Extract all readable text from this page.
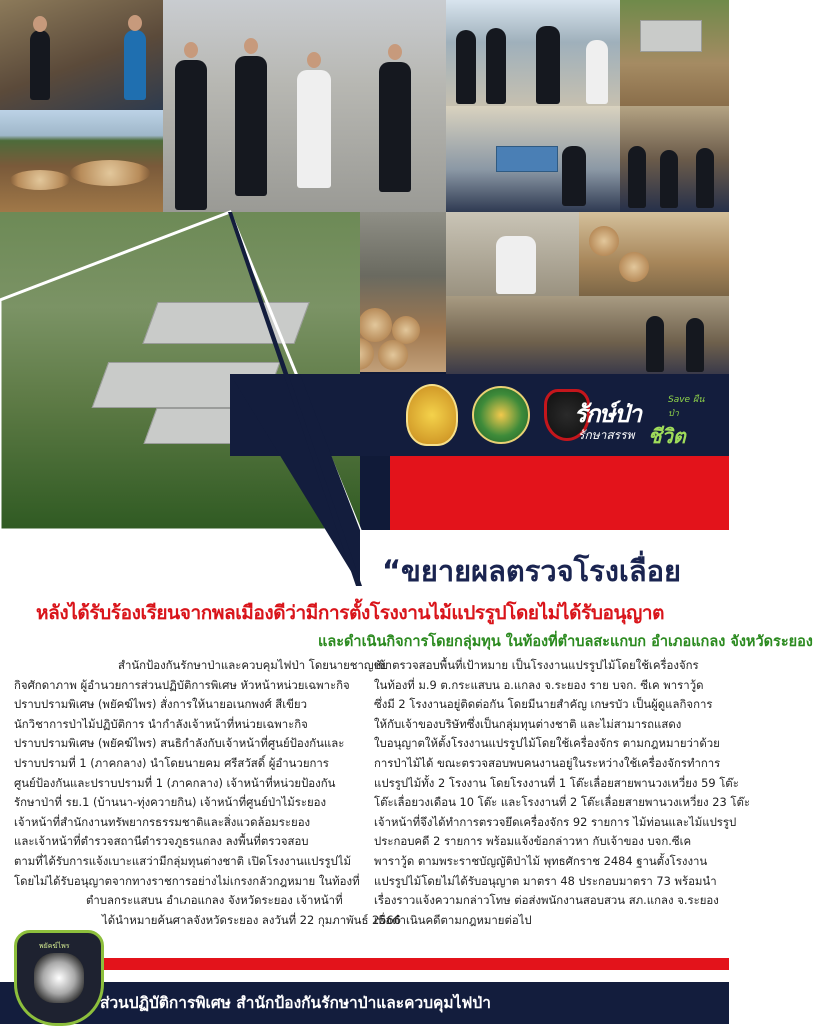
รักษ์ป่า	Save ผืนป่า
รักษาสรรพ ชีวิต
“ขยายผลตรวจโรงเลื่อย
หลังได้รับร้องเรียนจากพลเมืองดีว่ามีการตั้งโรงงานไม้แปรรูปโดยไม่ได้รับอนุญาต
และดำเนินกิจการโดยกลุ่มทุน ในท้องที่ตำบลสะแกบก อำเภอแกลง จังหวัดระยอง

สำนักป้องกันรักษาป่าและควบคุมไฟป่า โดยนายชาญชัย

กิจศักดาภาพ ผู้อำนวยการส่วนปฏิบัติการพิเศษ หัวหน้าหน่วยเฉพาะกิจ

ปราบปรามพิเศษ (พยัคฆ์ไพร) สั่งการให้นายอเนกพงศ์ สีเขียว

นักวิชาการป่าไม้ปฏิบัติการ นำกำลังเจ้าหน้าที่หน่วยเฉพาะกิจ

ปราบปรามพิเศษ (พยัคฆ์ไพร) สนธิกำลังกับเจ้าหน้าที่ศูนย์ป้องกันและ

ปราบปรามที่ 1 (ภาคกลาง) นำโดยนายคม ศรีสวัสดิ์ ผู้อำนวยการ

ศูนย์ป้องกันและปราบปรามที่ 1 (ภาคกลาง) เจ้าหน้าที่หน่วยป้องกัน

รักษาป่าที่ รย.1 (บ้านนา-ทุ่งควายกิน) เจ้าหน้าที่ศูนย์ป่าไม้ระยอง

เจ้าหน้าที่สำนักงานทรัพยากรธรรมชาติและสิ่งแวดล้อมระยอง

และเจ้าหน้าที่ตำรวจสถานีตำรวจภูธรแกลง ลงพื้นที่ตรวจสอบ

ตามที่ได้รับการแจ้งเบาะแสว่ามีกลุ่มทุนต่างชาติ เปิดโรงงานแปรรูปไม้

โดยไม่ได้รับอนุญาตจากทางราชการอย่างไม่เกรงกลัวกฎหมาย ในท้องที่

ตำบลกระแสบน อำเภอแกลง จังหวัดระยอง เจ้าหน้าที่

ได้นำหมายค้นศาลจังหวัดระยอง ลงวันที่ 22 กุมภาพันธ์ 2566

เข้าตรวจสอบพื้นที่เป้าหมาย เป็นโรงงานแปรรูปไม้โดยใช้เครื่องจักร

ในท้องที่ ม.9 ต.กระแสบน อ.แกลง จ.ระยอง ราย บจก. ซีเค พาราวู้ด

ซึ่งมี 2 โรงงานอยู่ติดต่อกัน โดยมีนายสำคัญ เกษรบัว เป็นผู้ดูแลกิจการ

ให้กับเจ้าของบริษัทซึ่งเป็นกลุ่มทุนต่างชาติ และไม่สามารถแสดง

ใบอนุญาตให้ตั้งโรงงานแปรรูปไม้โดยใช้เครื่องจักร ตามกฎหมายว่าด้วย

การป่าไม้ได้ ขณะตรวจสอบพบคนงานอยู่ในระหว่างใช้เครื่องจักรทำการ

แปรรูปไม้ทั้ง 2 โรงงาน โดยโรงงานที่ 1 โต๊ะเลื่อยสายพานวงเหวี่ยง 59 โต๊ะ

โต๊ะเลื่อยวงเดือน 10 โต๊ะ และโรงงานที่ 2 โต๊ะเลื่อยสายพานวงเหวี่ยง 23 โต๊ะ

เจ้าหน้าที่จึงได้ทำการตรวจยึดเครื่องจักร 92 รายการ ไม้ท่อนและไม้แปรรูป

ประกอบคดี 2 รายการ พร้อมแจ้งข้อกล่าวหา กับเจ้าของ บจก.ซีเค

พาราวู้ด ตามพระราชบัญญัติป่าไม้ พุทธศักราช 2484 ฐานตั้งโรงงาน

แปรรูปไม้โดยไม่ได้รับอนุญาต มาตรา 48 ประกอบมาตรา 73 พร้อมนำ

เรื่องราวแจ้งความกล่าวโทษ ต่อส่งพนักงานสอบสวน สภ.แกลง จ.ระยอง

เพื่อดำเนินคดีตามกฎหมายต่อไป

ส่วนปฏิบัติการพิเศษ สำนักป้องกันรักษาป่าและควบคุมไฟป่า
พยัคฆ์ไพร
